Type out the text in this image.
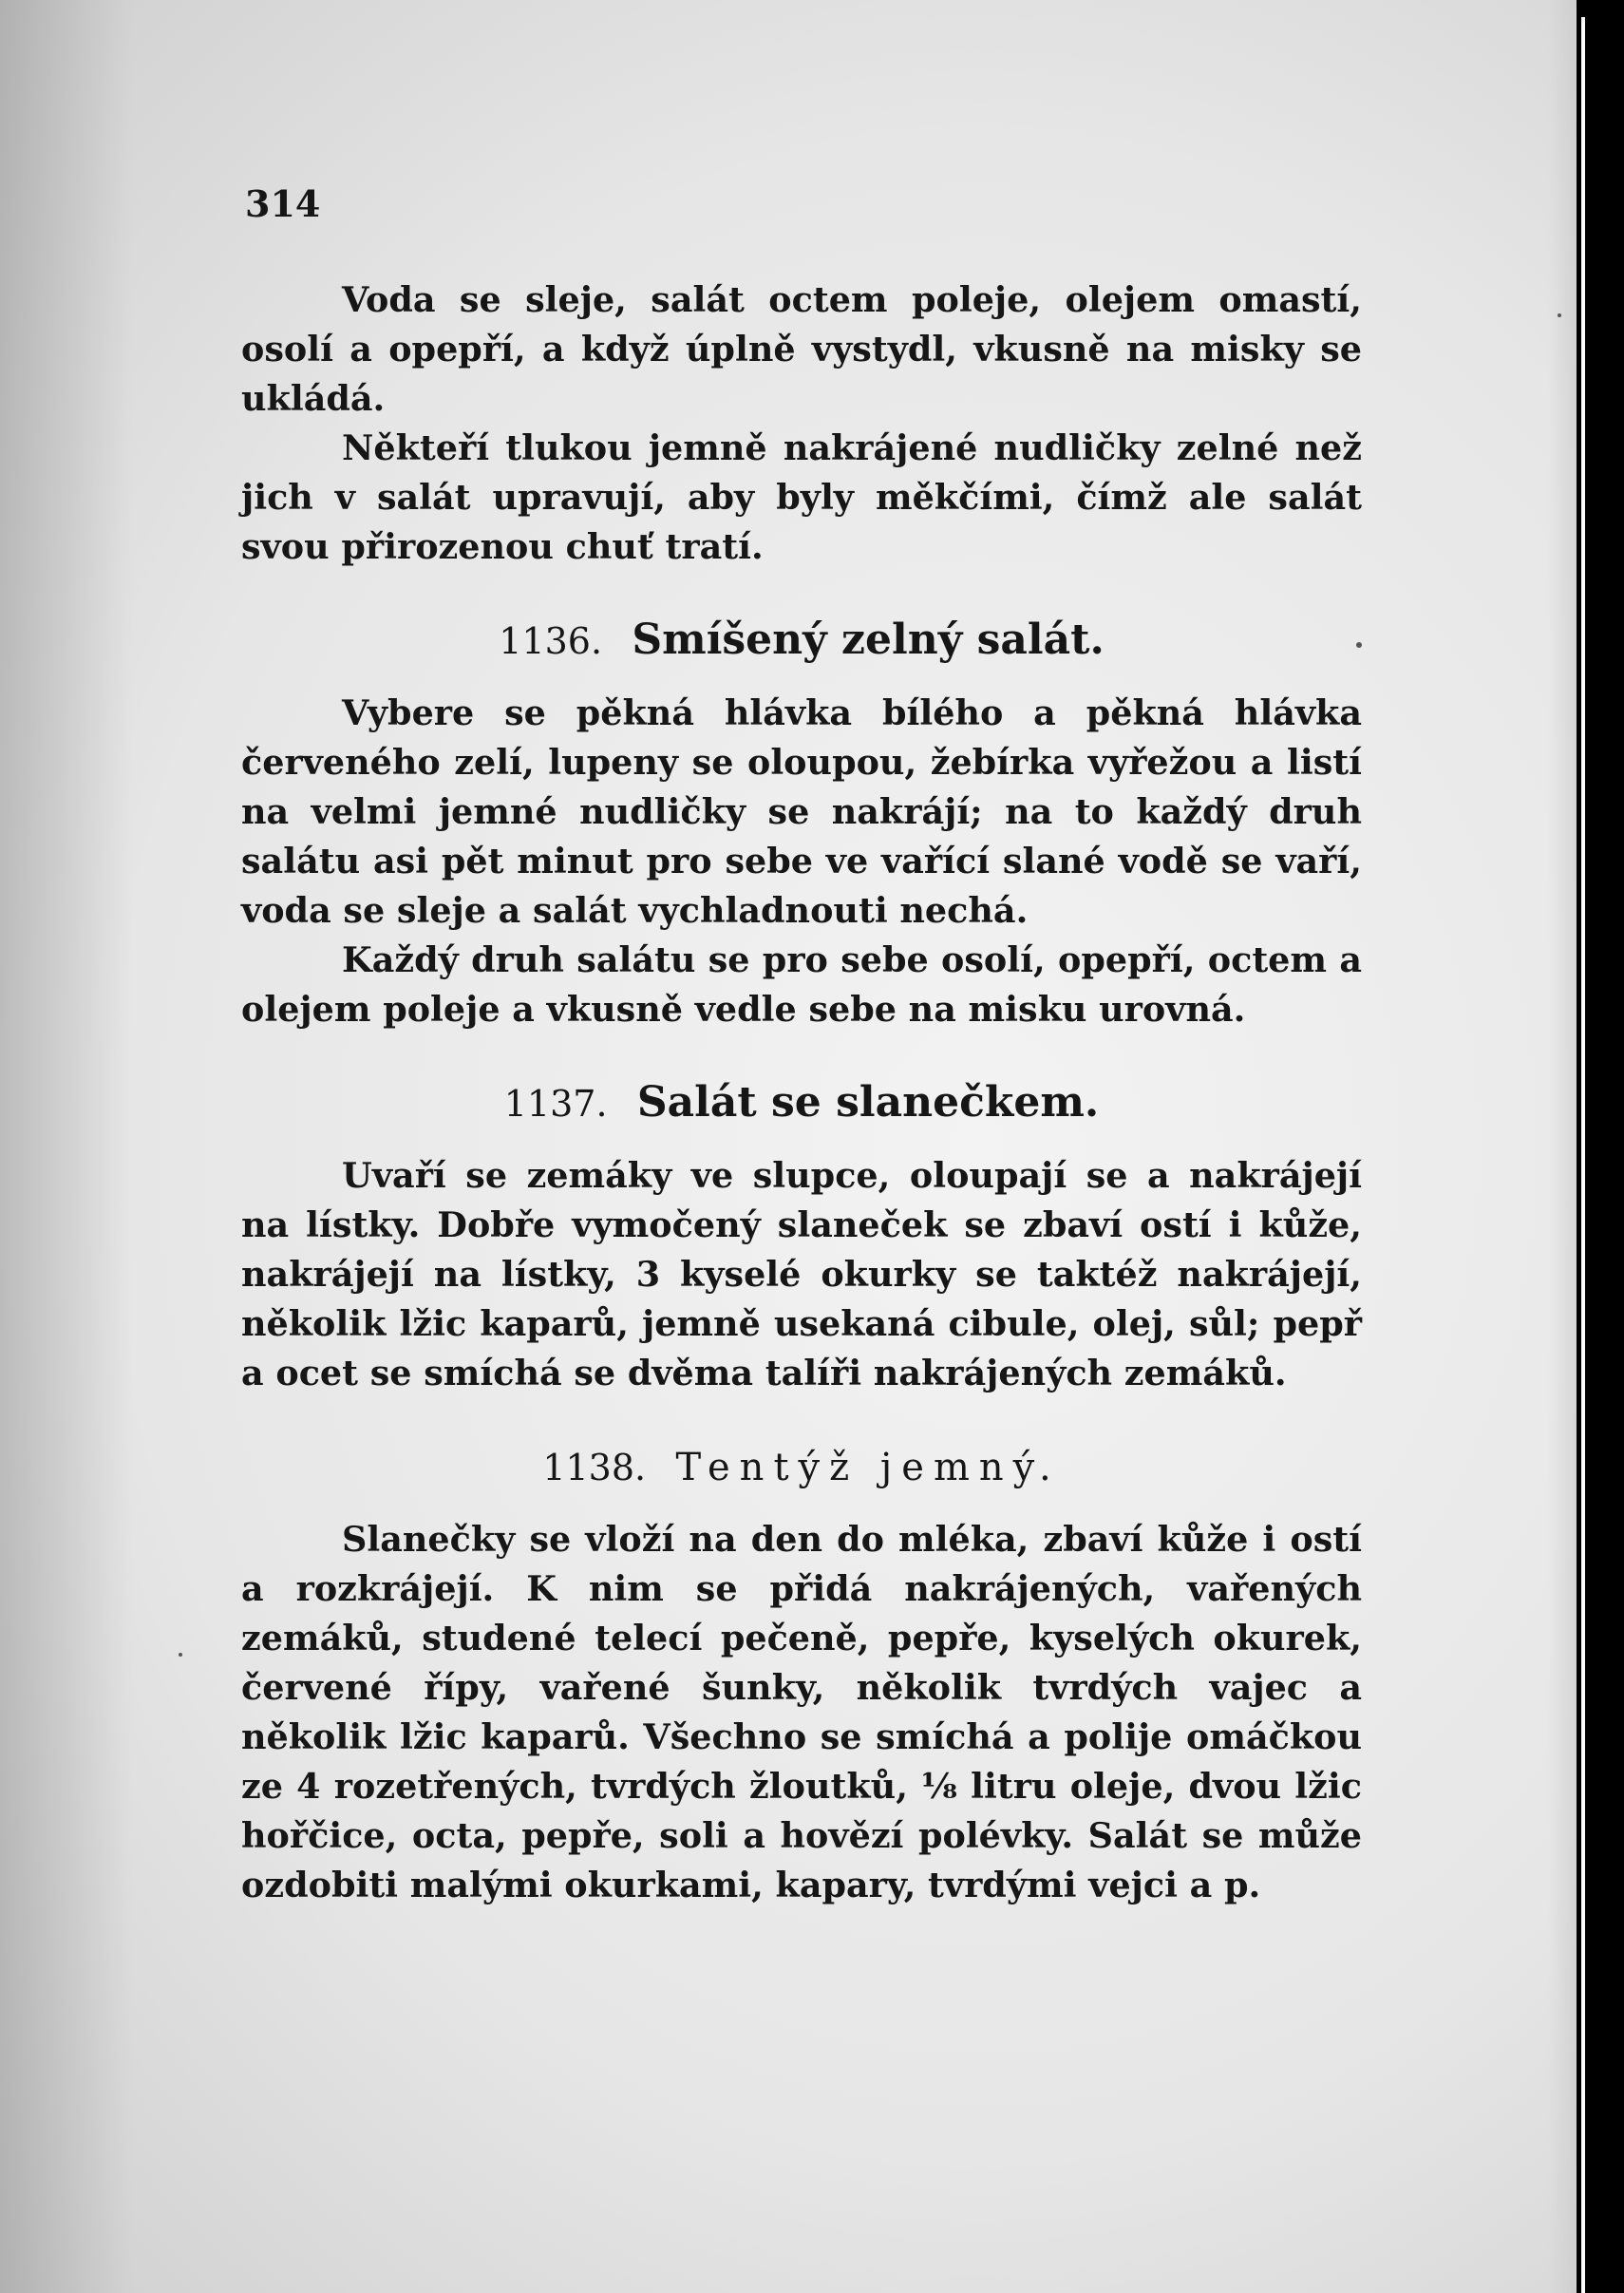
314

Voda se sleje, salát octem poleje, olejem omastí, osolí a opepří, a když úplně vystydl, vkusně na misky se ukládá.

Někteří tlukou jemně nakrájené nudličky zelné než jich v salát upravují, aby byly měkčími, čímž ale salát svou přirozenou chuť tratí.

1136. Smíšený zelný salát.

Vybere se pěkná hlávka bílého a pěkná hlávka červeného zelí, lupeny se oloupou, žebírka vyřežou a listí na velmi jemné nudličky se nakrájí; na to každý druh salátu asi pět minut pro sebe ve vařící slané vodě se vaří, voda se sleje a salát vychladnouti nechá.

Každý druh salátu se pro sebe osolí, opepří, octem a olejem poleje a vkusně vedle sebe na misku urovná.

1137. Salát se slanečkem.

Uvaří se zemáky ve slupce, oloupají se a nakrájejí na lístky. Dobře vymočený slaneček se zbaví ostí i kůže, nakrájejí na lístky, 3 kyselé okurky se taktéž nakrájejí, několik lžic kaparů, jemně usekaná cibule, olej, sůl; pepř a ocet se smíchá se dvěma talíři nakrájených zemáků.

1138. Tentýž jemný.

Slanečky se vloží na den do mléka, zbaví kůže i ostí a rozkrájejí. K nim se přidá nakrájených, vařených zemáků, studené telecí pečeně, pepře, kyselých okurek, červené řípy, vařené šunky, několik tvrdých vajec a několik lžic kaparů. Všechno se smíchá a polije omáčkou ze 4 rozetřených, tvrdých žloutků, ⅛ litru oleje, dvou lžic hořčice, octa, pepře, soli a hovězí polévky. Salát se může ozdobiti malými okurkami, kapary, tvrdými vejci a p.
